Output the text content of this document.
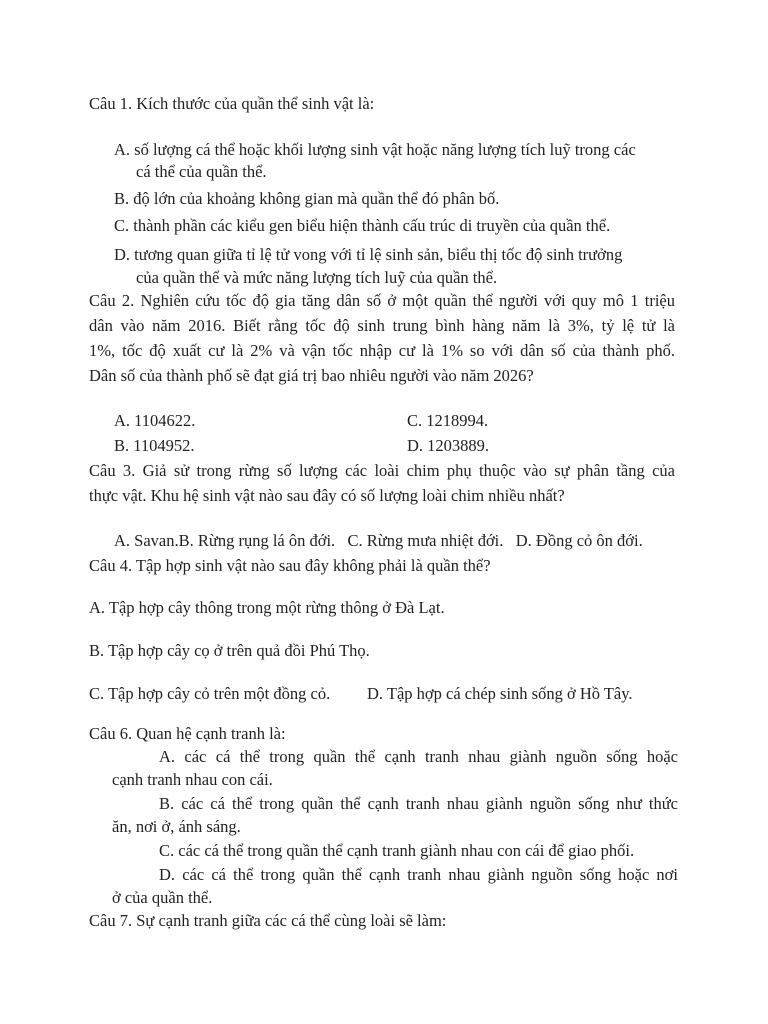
Câu 1. Kích thước của quần thể sinh vật là:
A. số lượng cá thể hoặc khối lượng sinh vật hoặc năng lượng tích luỹ trong các
cá thể của quần thể.
B. độ lớn của khoảng không gian mà quần thể đó phân bố.
C. thành phần các kiểu gen biểu hiện thành cấu trúc di truyền của quần thể.
D. tương quan giữa tỉ lệ tử vong với tỉ lệ sinh sản, biểu thị tốc độ sinh trưởng
của quần thể và mức năng lượng tích luỹ của quần thể.
Câu 2. Nghiên cứu tốc độ gia tăng dân số ở một quần thể người với quy mô 1 triệu
dân vào năm 2016. Biết rằng tốc độ sinh trung bình hàng năm là 3%, tỷ lệ tử là
1%, tốc độ xuất cư là 2% và vận tốc nhập cư là 1% so với dân số của thành phố.
Dân số của thành phố sẽ đạt giá trị bao nhiêu người vào năm 2026?
A. 1104622.	C. 1218994.
B. 1104952.	D. 1203889.
Câu 3. Giả sử trong rừng số lượng các loài chim phụ thuộc vào sự phân tầng của
thực vật. Khu hệ sinh vật nào sau đây có số lượng loài chim nhiều nhất?
A. Savan.B. Rừng rụng lá ôn đới.   C. Rừng mưa nhiệt đới.   D. Đồng cỏ ôn đới.
Câu 4. Tập hợp sinh vật nào sau đây không phải là quần thể?
A. Tập hợp cây thông trong một rừng thông ở Đà Lạt.
B. Tập hợp cây cọ ở trên quả đồi Phú Thọ.
C. Tập hợp cây cỏ trên một đồng cỏ. D. Tập hợp cá chép sinh sống ở Hồ Tây.
Câu 6. Quan hệ cạnh tranh là:
A. các cá thể trong quần thể cạnh tranh nhau giành nguồn sống hoặc
cạnh tranh nhau con cái.
B. các cá thể trong quần thể cạnh tranh nhau giành nguồn sống như thức
ăn, nơi ở, ánh sáng.
C. các cá thể trong quần thể cạnh tranh giành nhau con cái để giao phối.
D. các cá thể trong quần thể cạnh tranh nhau giành nguồn sống hoặc nơi
ở của quần thể.
Câu 7. Sự cạnh tranh giữa các cá thể cùng loài sẽ làm:
